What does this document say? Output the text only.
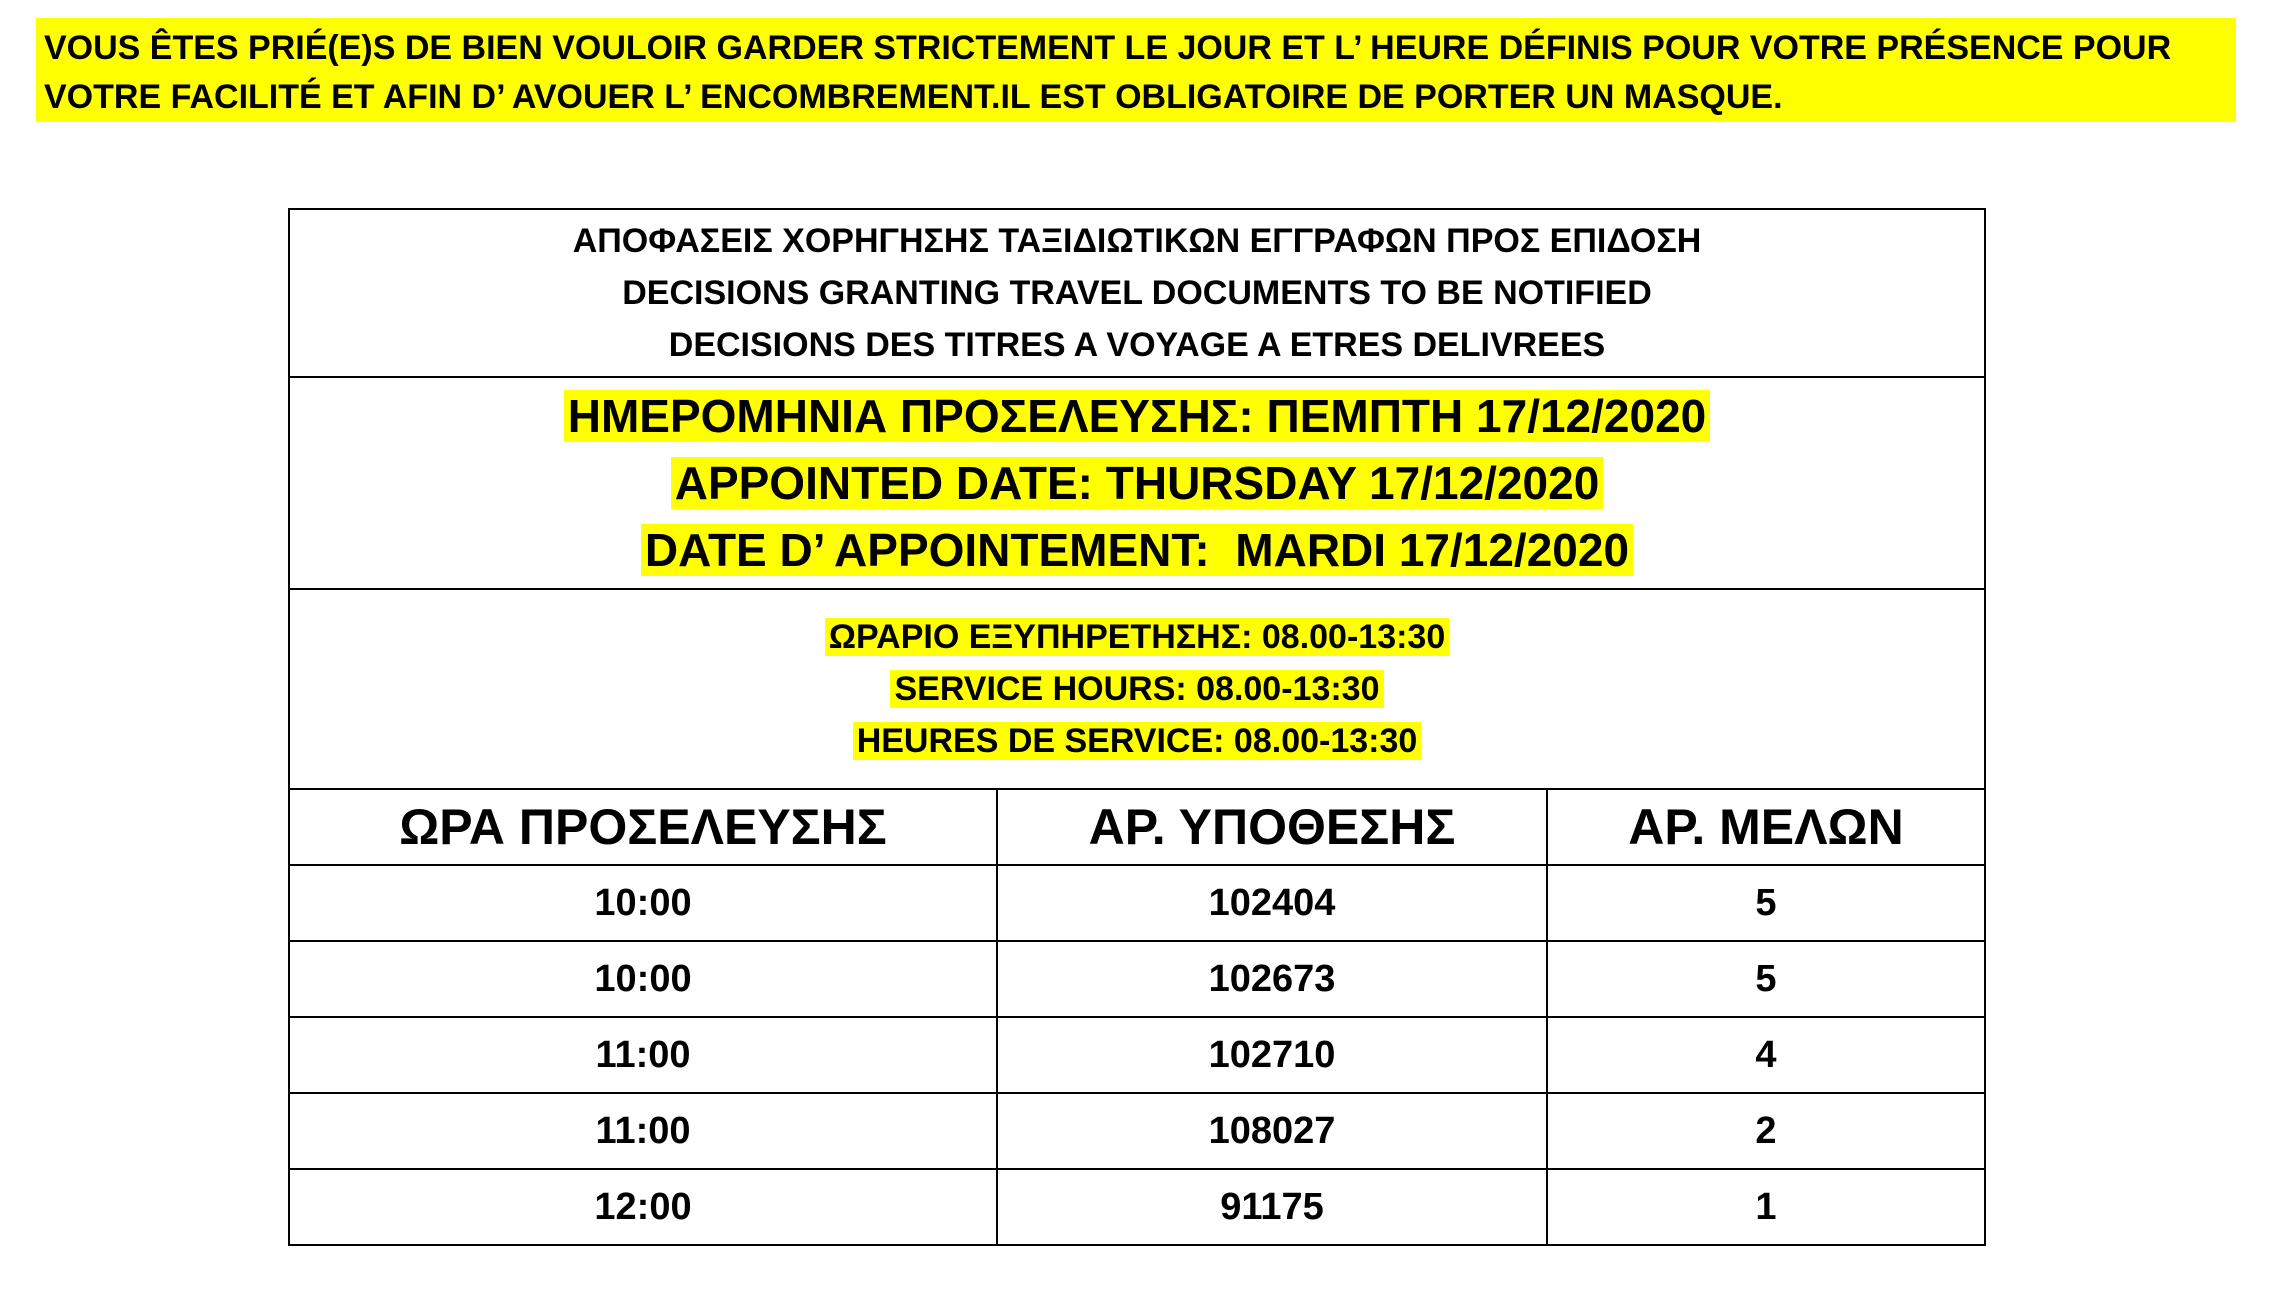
VOUS ÊTES PRIÉ(E)S DE BIEN VOULOIR GARDER STRICTEMENT LE JOUR ET L’ HEURE DÉFINIS POUR VOTRE PRÉSENCE POUR

VOTRE FACILITÉ ET AFIN D’ AVOUER L’ ENCOMBREMENT.IL EST OBLIGATOIRE DE PORTER UN MASQUE.

ΑΠΟΦΑΣΕΙΣ ΧΟΡΗΓΗΣΗΣ ΤΑΞΙΔΙΩΤΙΚΩΝ ΕΓΓΡΑΦΩΝ ΠΡΟΣ ΕΠΙΔΟΣΗ
DECISIONS GRANTING TRAVEL DOCUMENTS TO BE NOTIFIED
DECISIONS DES TITRES A VOYAGE A ETRES DELIVREES		

ΗΜΕΡΟΜΗΝΙΑ ΠΡΟΣΕΛΕΥΣΗΣ: ΠΕΜΠΤΗ 17/12/2020
APPOINTED DATE: THURSDAY 17/12/2020
DATE D’ APPOINTEMENT:  MARDI 17/12/2020		

ΩΡΑΡΙΟ ΕΞΥΠΗΡΕΤΗΣΗΣ: 08.00-13:30
SERVICE HOURS: 08.00-13:30
HEURES DE SERVICE: 08.00-13:30		

ΩΡΑ ΠΡΟΣΕΛΕΥΣΗΣ	ΑΡ. ΥΠΟΘΕΣΗΣ	ΑΡ. ΜΕΛΩΝ
10:00	102404	5
10:00	102673	5
11:00	102710	4
11:00	108027	2
12:00	91175	1
